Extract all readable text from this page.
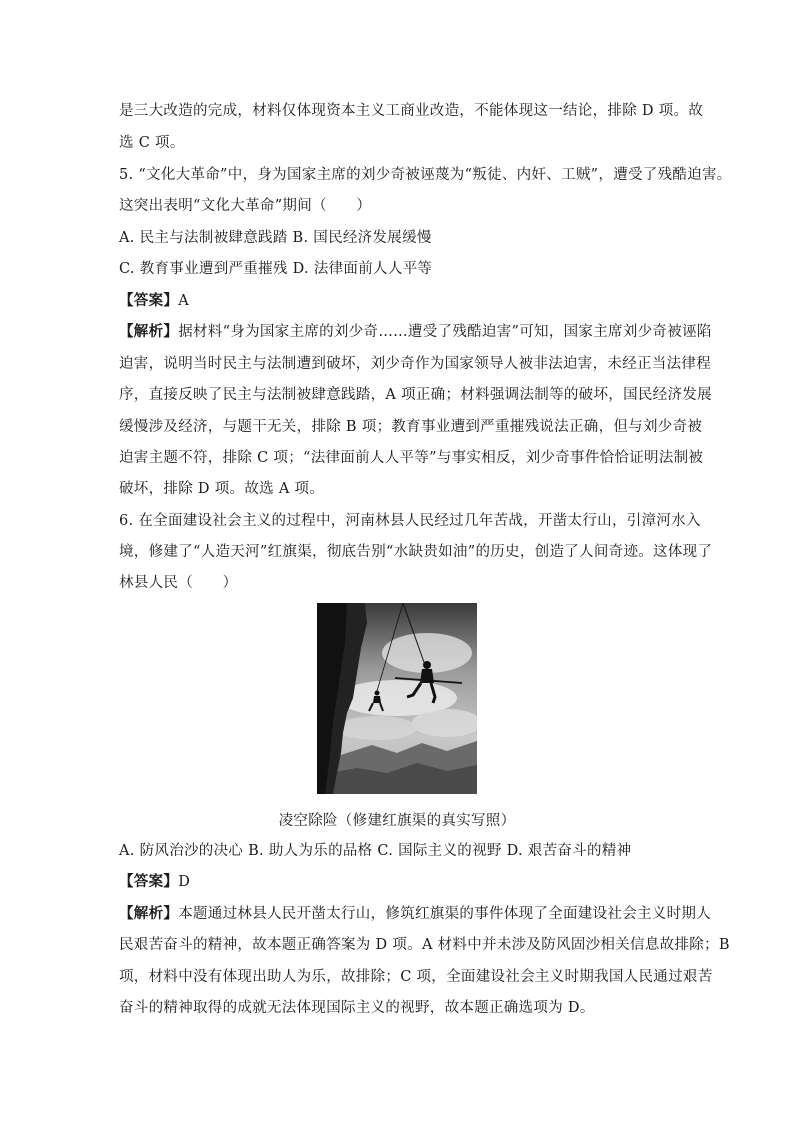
是三大改造的完成，材料仅体现资本主义工商业改造，不能体现这一结论，排除 D 项。故
选 C 项。
5. “文化大革命”中，身为国家主席的刘少奇被诬蔑为“叛徒、内奸、工贼”，遭受了残酷迫害。
这突出表明“文化大革命”期间（　　）
A. 民主与法制被肆意践踏 B. 国民经济发展缓慢
C. 教育事业遭到严重摧残 D. 法律面前人人平等
【答案】A
【解析】据材料“身为国家主席的刘少奇……遭受了残酷迫害”可知，国家主席刘少奇被诬陷
迫害，说明当时民主与法制遭到破坏，刘少奇作为国家领导人被非法迫害，未经正当法律程
序，直接反映了民主与法制被肆意践踏，A 项正确；材料强调法制等的破坏，国民经济发展
缓慢涉及经济，与题干无关，排除 B 项；教育事业遭到严重摧残说法正确，但与刘少奇被
迫害主题不符，排除 C 项；“法律面前人人平等”与事实相反，刘少奇事件恰恰证明法制被
破坏，排除 D 项。故选 A 项。
6. 在全面建设社会主义的过程中，河南林县人民经过几年苦战，开凿太行山，引漳河水入
境，修建了“人造天河”红旗渠，彻底告别“水缺贵如油”的历史，创造了人间奇迹。这体现了
林县人民（　　）
凌空除险（修建红旗渠的真实写照）
A. 防风治沙的决心 B. 助人为乐的品格 C. 国际主义的视野 D. 艰苦奋斗的精神
【答案】D
【解析】本题通过林县人民开凿太行山，修筑红旗渠的事件体现了全面建设社会主义时期人
民艰苦奋斗的精神，故本题正确答案为 D 项。A 材料中并未涉及防风固沙相关信息故排除；B
项，材料中没有体现出助人为乐，故排除；C 项，全面建设社会主义时期我国人民通过艰苦
奋斗的精神取得的成就无法体现国际主义的视野，故本题正确选项为 D。
